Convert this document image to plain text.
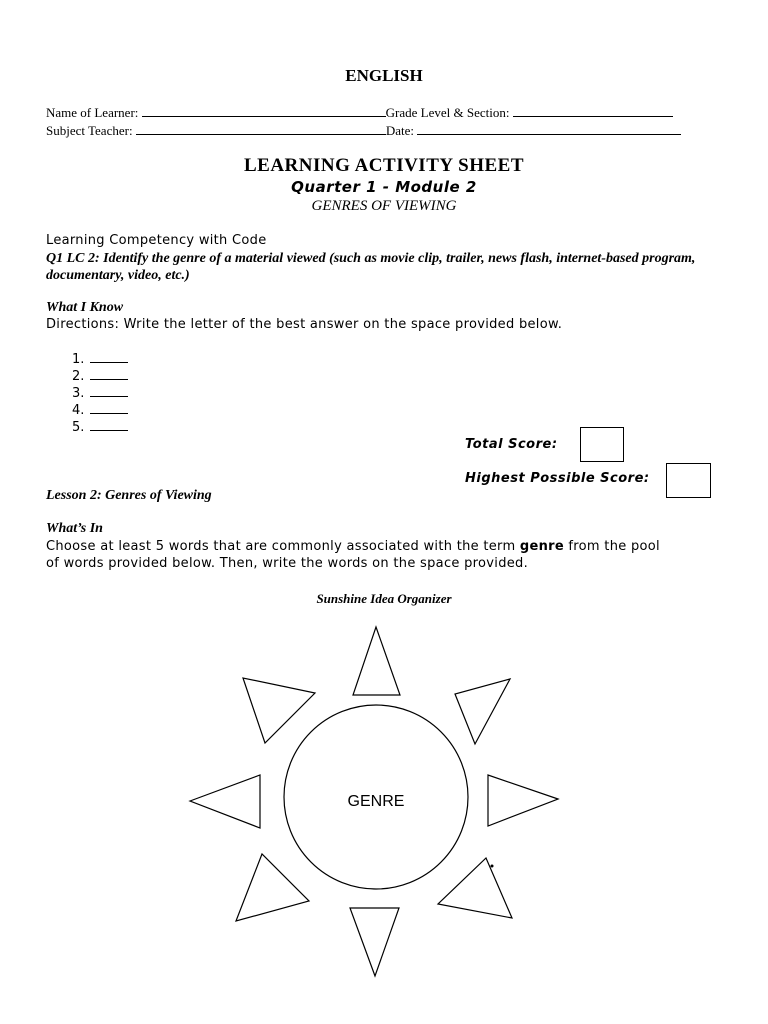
ENGLISH
Name of Learner:	Grade Level & Section:
Subject Teacher:	Date:
LEARNING ACTIVITY SHEET
Quarter 1 - Module 2
GENRES OF VIEWING
Learning Competency with Code
Q1 LC 2: Identify the genre of a material viewed (such as movie clip, trailer, news flash, internet-based program, documentary, video, etc.)
What I Know
Directions: Write the letter of the best answer on the space provided below.
1.
2.
3.
4.
5.
Total Score:
Highest Possible Score:
Lesson 2: Genres of Viewing
What’s In
Choose at least 5 words that are commonly associated with the term genre from the pool
of words provided below. Then, write the words on the space provided.
Sunshine Idea Organizer
GENRE
